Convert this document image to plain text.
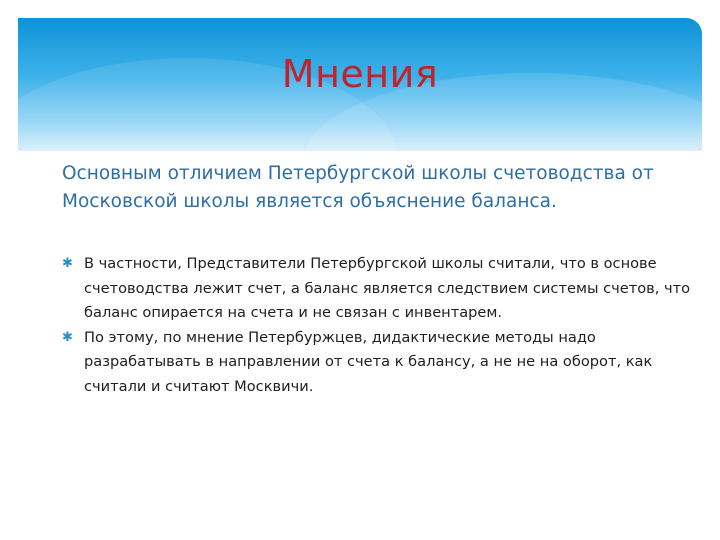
Мнения
Основным отличием Петербургской школы счетоводства от Московской школы является объяснение баланса.
✱ В частности, Представители Петербургской школы считали, что в основе счетоводства лежит счет, а баланс является следствием системы счетов, что баланс опирается на счета и не связан с инвентарем.
✱ По этому, по мнение Петербуржцев, дидактические методы надо разрабатывать в направлении от счета к балансу, а не не на оборот, как считали и считают Москвичи.
